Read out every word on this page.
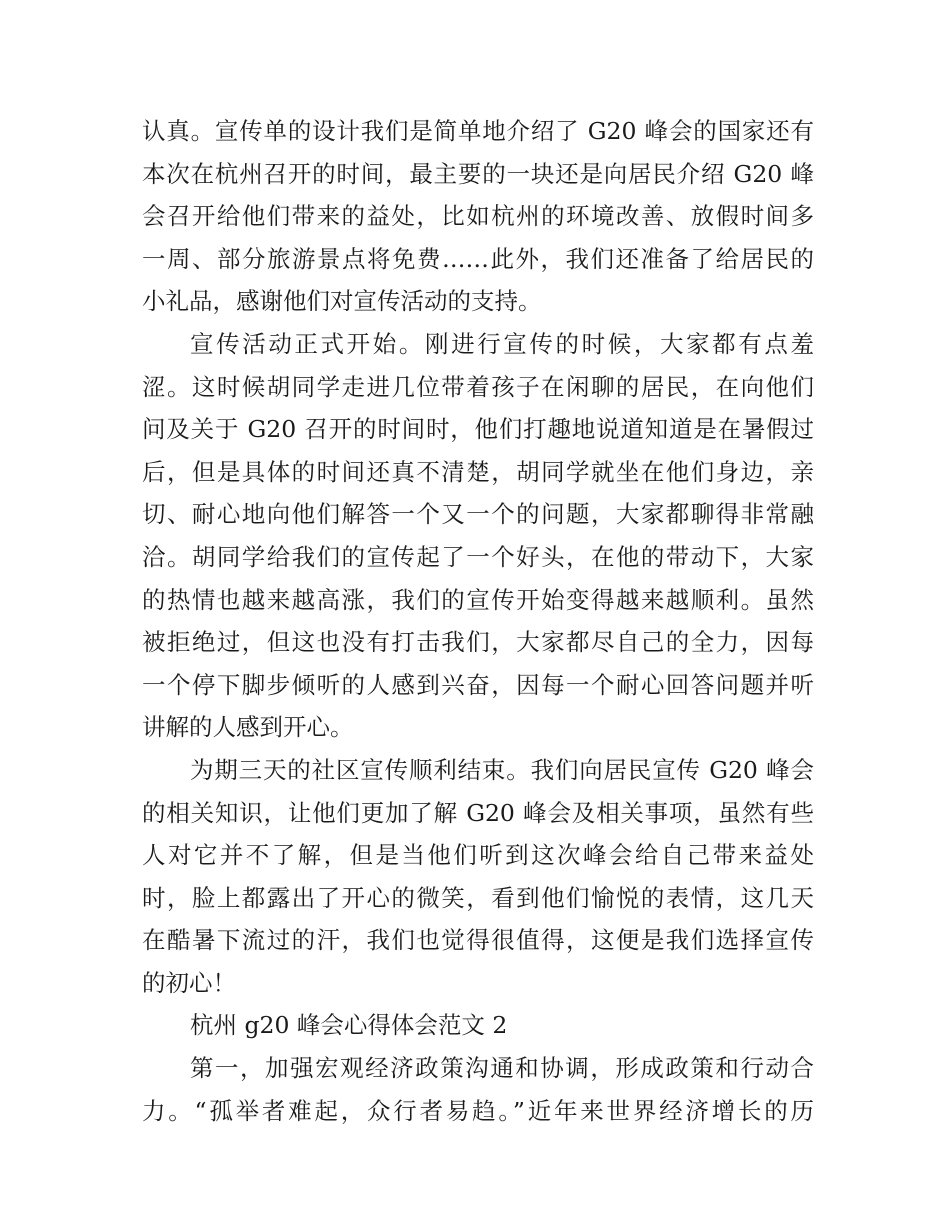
认真。宣传单的设计我们是简单地介绍了 G20 峰会的国家还有
本次在杭州召开的时间，最主要的一块还是向居民介绍 G20 峰
会召开给他们带来的益处，比如杭州的环境改善、放假时间多
一周、部分旅游景点将免费……此外，我们还准备了给居民的
小礼品，感谢他们对宣传活动的支持。
宣传活动正式开始。刚进行宣传的时候，大家都有点羞
涩。这时候胡同学走进几位带着孩子在闲聊的居民，在向他们
问及关于 G20 召开的时间时，他们打趣地说道知道是在暑假过
后，但是具体的时间还真不清楚，胡同学就坐在他们身边，亲
切、耐心地向他们解答一个又一个的问题，大家都聊得非常融
洽。胡同学给我们的宣传起了一个好头，在他的带动下，大家
的热情也越来越高涨，我们的宣传开始变得越来越顺利。虽然
被拒绝过，但这也没有打击我们，大家都尽自己的全力，因每
一个停下脚步倾听的人感到兴奋，因每一个耐心回答问题并听
讲解的人感到开心。
为期三天的社区宣传顺利结束。我们向居民宣传 G20 峰会
的相关知识，让他们更加了解 G20 峰会及相关事项，虽然有些
人对它并不了解，但是当他们听到这次峰会给自己带来益处
时，脸上都露出了开心的微笑，看到他们愉悦的表情，这几天
在酷暑下流过的汗，我们也觉得很值得，这便是我们选择宣传
的初心！
杭州 g20 峰会心得体会范文 2
第一，加强宏观经济政策沟通和协调，形成政策和行动合
力。“孤举者难起，众行者易趋。”近年来世界经济增长的历
